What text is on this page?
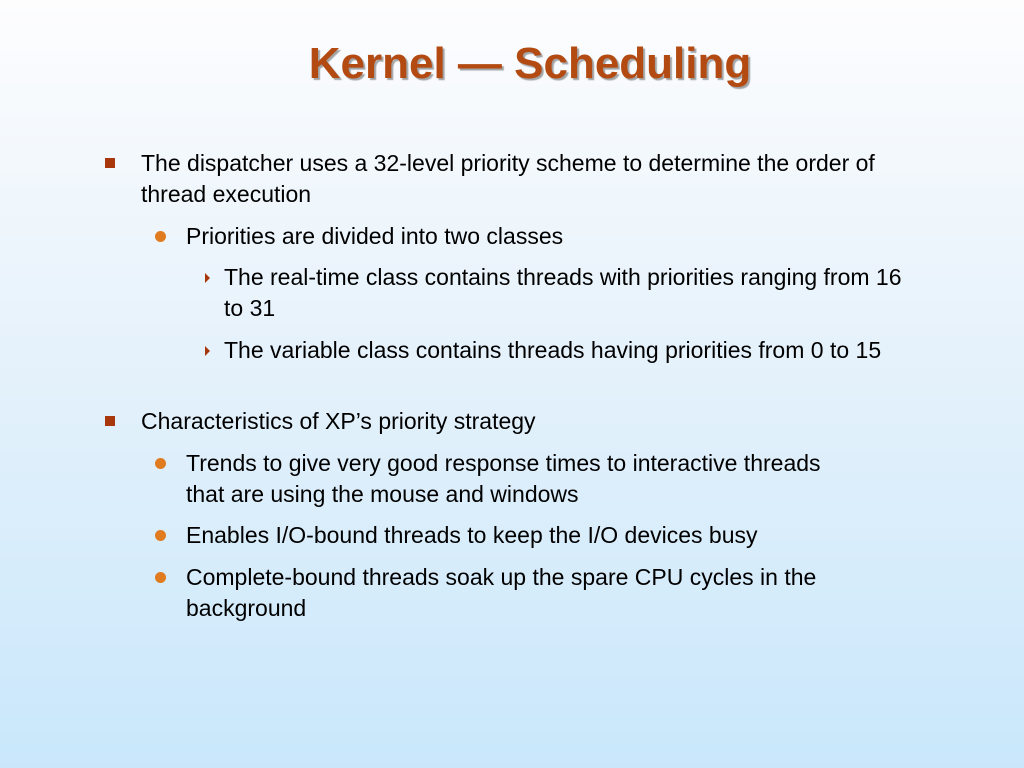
Kernel — Scheduling
The dispatcher uses a 32-level priority scheme to determine the order of thread execution
Priorities are divided into two classes
The real-time class contains threads with priorities ranging from 16 to 31
The variable class contains threads having priorities from 0 to 15
Characteristics of XP’s priority strategy
Trends to give very good response times to interactive threads that are using the mouse and windows
Enables I/O-bound threads to keep the I/O devices busy
Complete-bound threads soak up the spare CPU cycles in the background
